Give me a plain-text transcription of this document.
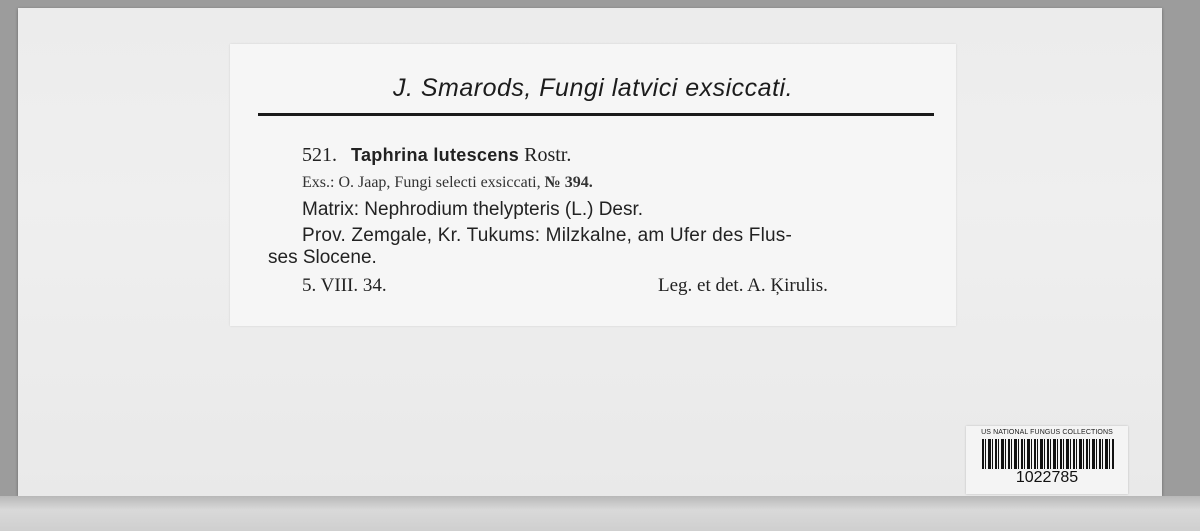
J. Smarods, Fungi latvici exsiccati.
521. Taphrina lutescens Rostr.
Exs.: O. Jaap, Fungi selecti exsiccati, № 394.
Matrix: Nephrodium thelypteris (L.) Desr.
Prov. Zemgale, Kr. Tukums: Milzkalne, am Ufer des Flus-
ses Slocene.
5. VIII. 34.	Leg. et det. A. Ķirulis.
US NATIONAL FUNGUS COLLECTIONS
1022785
